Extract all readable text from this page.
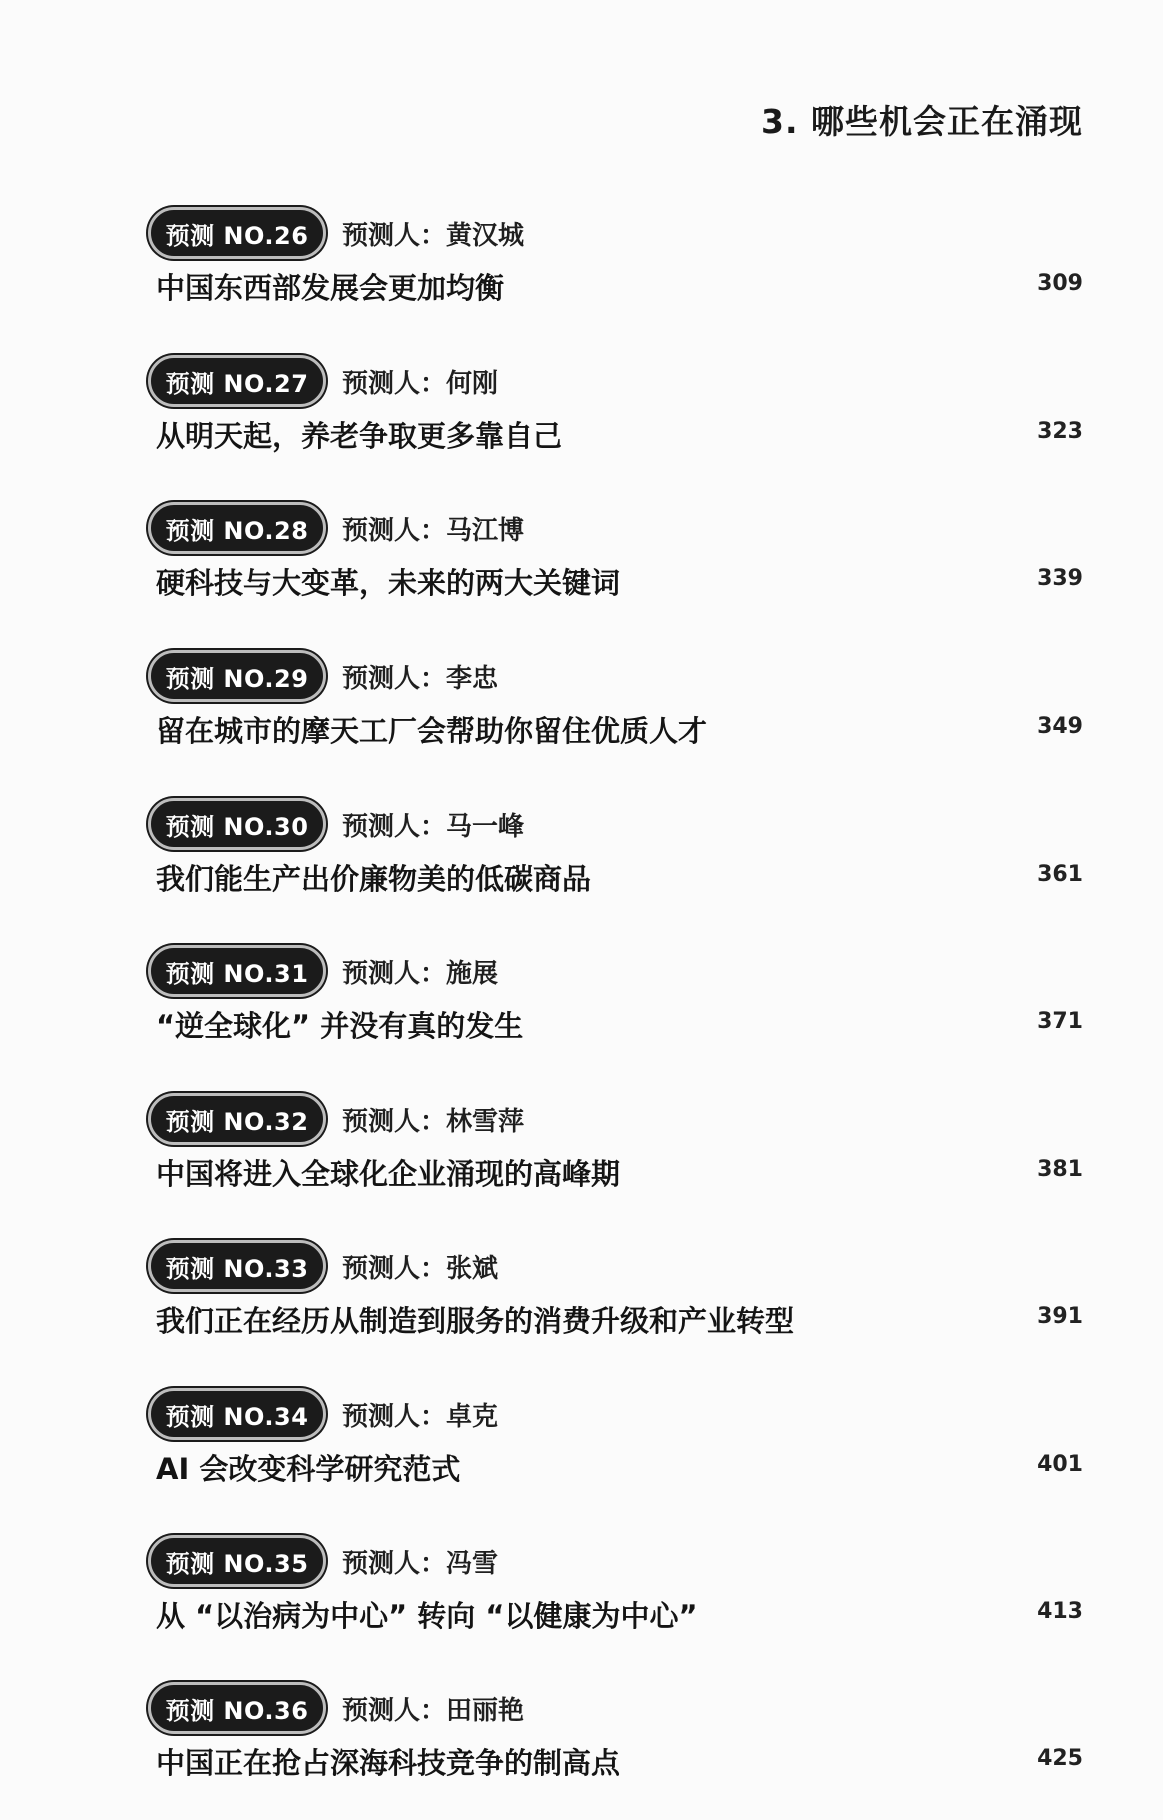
3. 哪些机会正在涌现
预测 NO.26	预测人：黄汉城
中国东西部发展会更加均衡	309
预测 NO.27	预测人：何刚
从明天起，养老争取更多靠自己	323
预测 NO.28	预测人：马江博
硬科技与大变革，未来的两大关键词	339
预测 NO.29	预测人：李忠
留在城市的摩天工厂会帮助你留住优质人才	349
预测 NO.30	预测人：马一峰
我们能生产出价廉物美的低碳商品	361
预测 NO.31	预测人：施展
“逆全球化” 并没有真的发生	371
预测 NO.32	预测人：林雪萍
中国将进入全球化企业涌现的高峰期	381
预测 NO.33	预测人：张斌
我们正在经历从制造到服务的消费升级和产业转型	391
预测 NO.34	预测人：卓克
AI 会改变科学研究范式	401
预测 NO.35	预测人：冯雪
从 “以治病为中心” 转向 “以健康为中心”	413
预测 NO.36	预测人：田丽艳
中国正在抢占深海科技竞争的制高点	425
